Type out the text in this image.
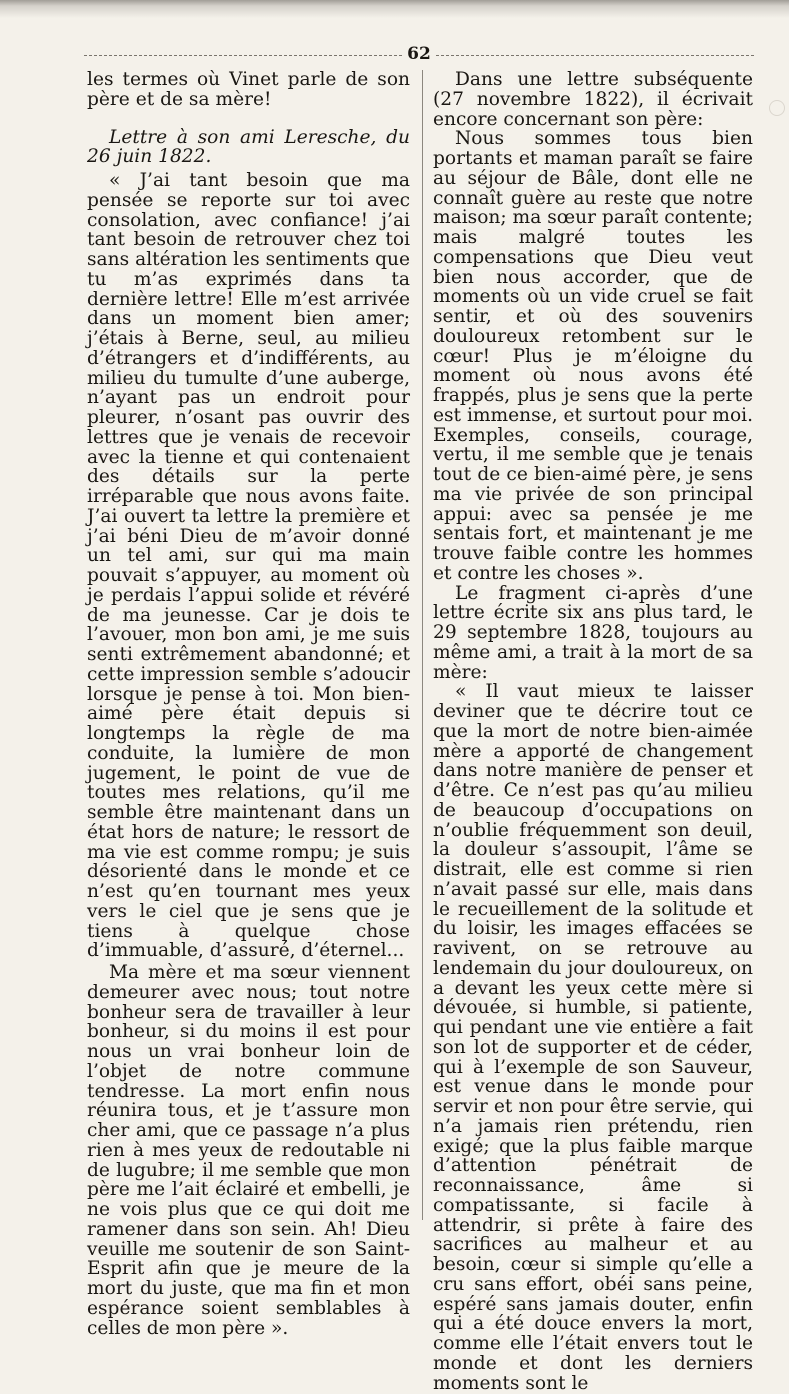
62

les termes où Vinet parle de son père et de sa mère!

Lettre à son ami Leresche, du 26 juin 1822.

« J’ai tant besoin que ma pensée se reporte sur toi avec consolation, avec confiance! j’ai tant besoin de retrouver chez toi sans altération les sentiments que tu m’as exprimés dans ta dernière lettre! Elle m’est arrivée dans un moment bien amer; j’étais à Berne, seul, au milieu d’étrangers et d’indifférents, au milieu du tumulte d’une auberge, n’ayant pas un endroit pour pleurer, n’osant pas ouvrir des lettres que je venais de recevoir avec la tienne et qui contenaient des détails sur la perte irréparable que nous avons faite. J’ai ouvert ta lettre la première et j’ai béni Dieu de m’avoir donné un tel ami, sur qui ma main pouvait s’appuyer, au moment où je perdais l’appui solide et révéré de ma jeunesse. Car je dois te l’avouer, mon bon ami, je me suis senti extrêmement abandonné; et cette impression semble s’adoucir lorsque je pense à toi. Mon bien-aimé père était depuis si longtemps la règle de ma conduite, la lumière de mon jugement, le point de vue de toutes mes relations, qu’il me semble être maintenant dans un état hors de nature; le ressort de ma vie est comme rompu; je suis désorienté dans le monde et ce n’est qu’en tournant mes yeux vers le ciel que je sens que je tiens à quelque chose d’immuable, d’assuré, d’éternel...

Ma mère et ma sœur viennent demeurer avec nous; tout notre bonheur sera de travailler à leur bonheur, si du moins il est pour nous un vrai bonheur loin de l’objet de notre commune tendresse. La mort enfin nous réunira tous, et je t’assure mon cher ami, que ce passage n’a plus rien à mes yeux de redoutable ni de lugubre; il me semble que mon père me l’ait éclairé et embelli, je ne vois plus que ce qui doit me ramener dans son sein. Ah! Dieu veuille me soutenir de son Saint-Esprit afin que je meure de la mort du juste, que ma fin et mon espérance soient semblables à celles de mon père ».

Dans une lettre subséquente (27 novembre 1822), il écrivait encore concernant son père:

Nous sommes tous bien portants et maman paraît se faire au séjour de Bâle, dont elle ne connaît guère au reste que notre maison; ma sœur paraît contente; mais malgré toutes les compensations que Dieu veut bien nous accorder, que de moments où un vide cruel se fait sentir, et où des souvenirs douloureux retombent sur le cœur! Plus je m’éloigne du moment où nous avons été frappés, plus je sens que la perte est immense, et surtout pour moi. Exemples, conseils, courage, vertu, il me semble que je tenais tout de ce bien-aimé père, je sens ma vie privée de son principal appui: avec sa pensée je me sentais fort, et maintenant je me trouve faible contre les hommes et contre les choses ».

Le fragment ci-après d’une lettre écrite six ans plus tard, le 29 septembre 1828, toujours au même ami, a trait à la mort de sa mère:

« Il vaut mieux te laisser deviner que te décrire tout ce que la mort de notre bien-aimée mère a apporté de changement dans notre manière de penser et d’être. Ce n’est pas qu’au milieu de beaucoup d’occupations on n’oublie fréquemment son deuil, la douleur s’assoupit, l’âme se distrait, elle est comme si rien n’avait passé sur elle, mais dans le recueillement de la solitude et du loisir, les images effacées se ravivent, on se retrouve au lendemain du jour douloureux, on a devant les yeux cette mère si dévouée, si humble, si patiente, qui pendant une vie entière a fait son lot de supporter et de céder, qui à l’exemple de son Sauveur, est venue dans le monde pour servir et non pour être servie, qui n’a jamais rien prétendu, rien exigé; que la plus faible marque d’attention pénétrait de reconnaissance, âme si compatissante, si facile à attendrir, si prête à faire des sacrifices au malheur et au besoin, cœur si simple qu’elle a cru sans effort, obéi sans peine, espéré sans jamais douter, enfin qui a été douce envers la mort, comme elle l’était envers tout le monde et dont les derniers moments sont le
